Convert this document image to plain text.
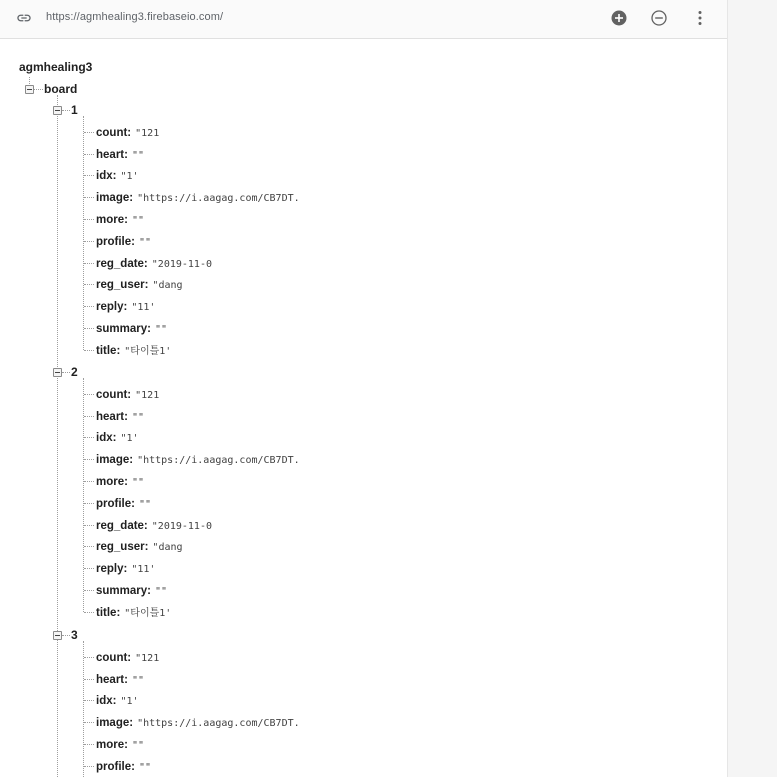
https://agmhealing3.firebaseio.com/
agmhealing3
board
1
count: "121
heart: ""
idx: "1'
image: "https://i.aagag.com/CB7DT.
more: ""
profile: ""
reg_date: "2019-11-0
reg_user: "dang
reply: "11'
summary: ""
title: "타이틀1'
2
count: "121
heart: ""
idx: "1'
image: "https://i.aagag.com/CB7DT.
more: ""
profile: ""
reg_date: "2019-11-0
reg_user: "dang
reply: "11'
summary: ""
title: "타이틀1'
3
count: "121
heart: ""
idx: "1'
image: "https://i.aagag.com/CB7DT.
more: ""
profile: ""
